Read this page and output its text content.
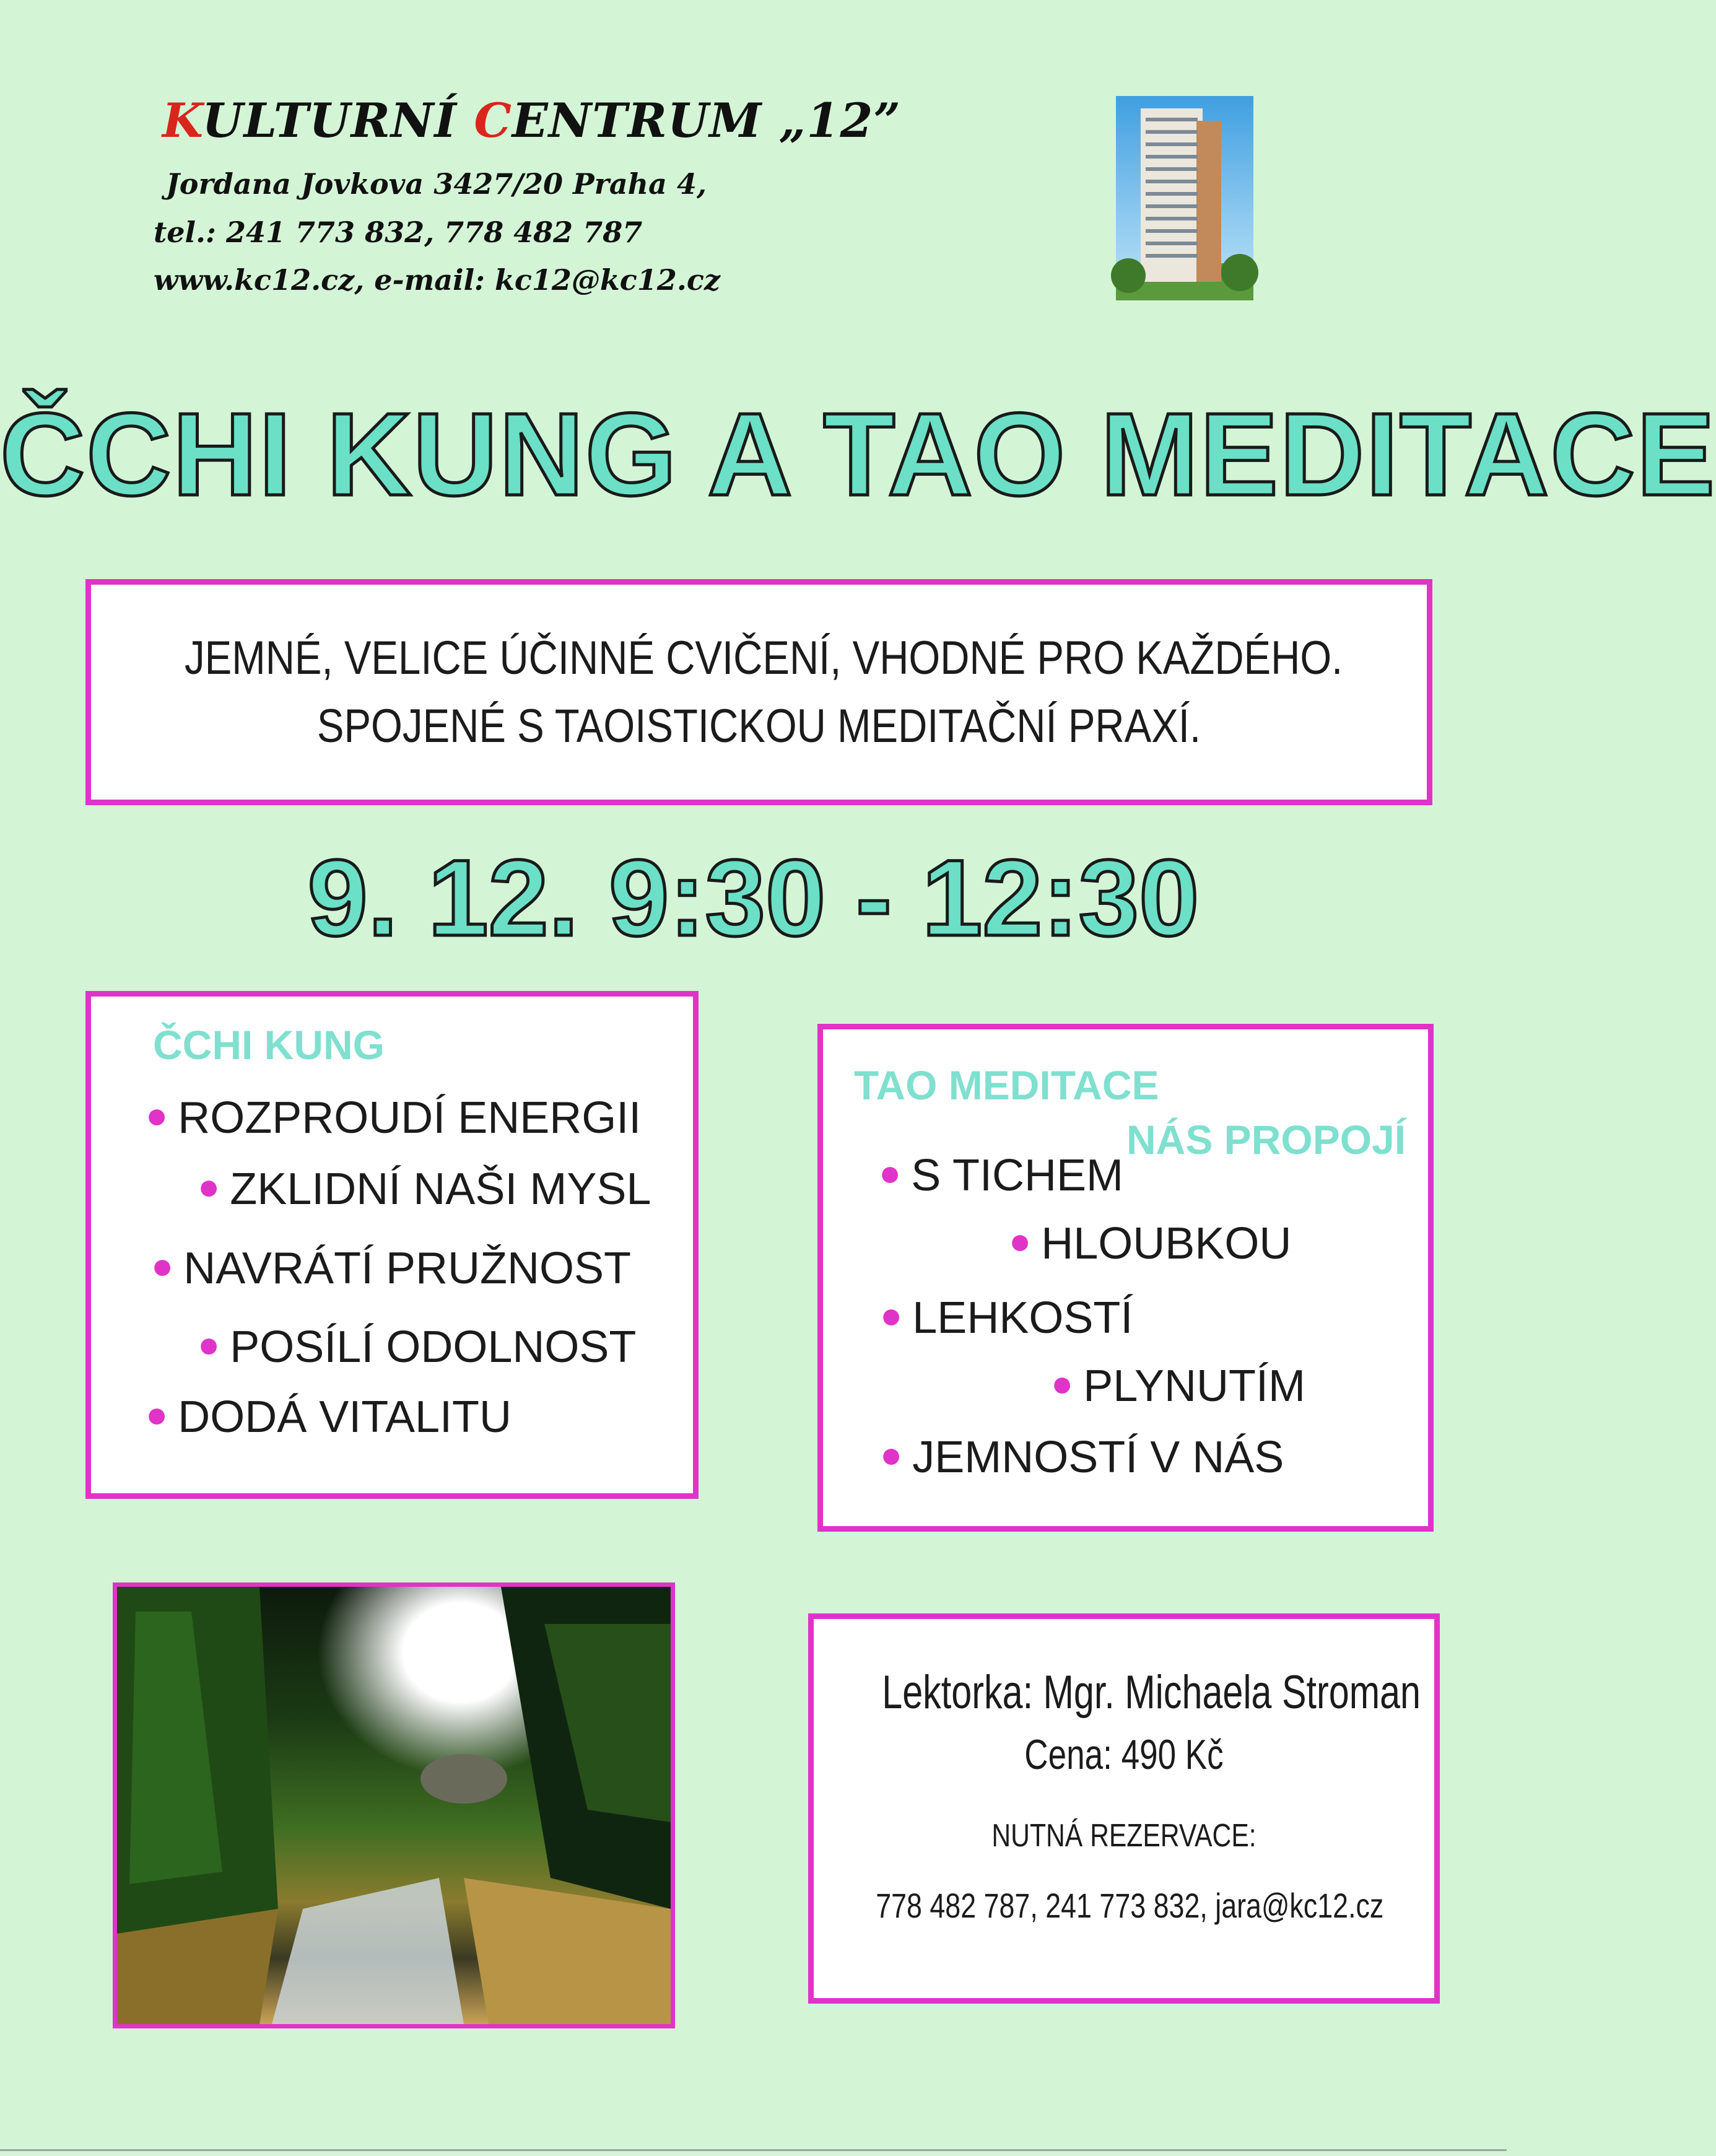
KULTURNÍ CENTRUM „12”
Jordana Jovkova 3427/20 Praha 4,
tel.: 241 773 832, 778 482 787
www.kc12.cz, e-mail: kc12@kc12.cz
ČCHI KUNG A TAO MEDITACE
JEMNÉ, VELICE ÚČINNÉ CVIČENÍ, VHODNÉ PRO KAŽDÉHO.
SPOJENÉ S TAOISTICKOU MEDITAČNÍ PRAXÍ.
9. 12. 9:30 - 12:30
ČCHI KUNG
● ROZPROUDÍ ENERGII
● ZKLIDNÍ NAŠI MYSL
● NAVRÁTÍ PRUŽNOST
● POSÍLÍ ODOLNOST
● DODÁ VITALITU
TAO MEDITACE
NÁS PROPOJÍ
● S TICHEM
● HLOUBKOU
● LEHKOSTÍ
● PLYNUTÍM
● JEMNOSTÍ V NÁS
Lektorka: Mgr. Michaela Stroman
Cena: 490 Kč
NUTNÁ REZERVACE:
778 482 787, 241 773 832, jara@kc12.cz
